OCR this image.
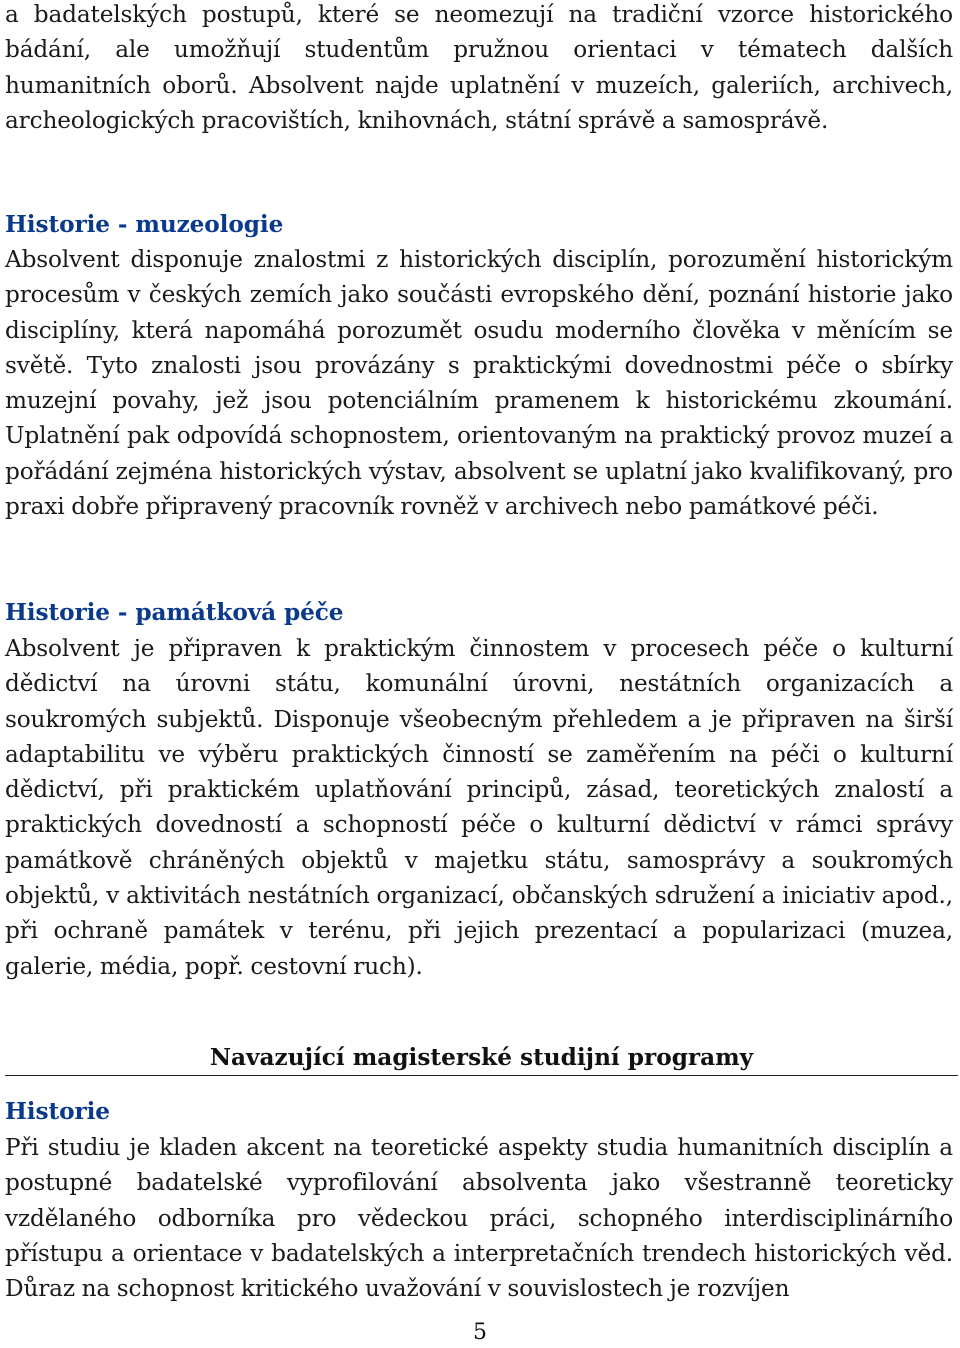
a badatelských postupů, které se neomezují na tradiční vzorce historického bádání, ale umožňují studentům pružnou orientaci v tématech dalších humanitních oborů. Absolvent najde uplatnění v muzeích, galeriích, archivech, archeologických pracovištích, knihovnách, státní správě a samosprávě.

Historie - muzeologie

Absolvent disponuje znalostmi z historických disciplín, porozumění historickým procesům v českých zemích jako součásti evropského dění, poznání historie jako disciplíny, která napomáhá porozumět osudu moderního člověka v měnícím se světě. Tyto znalosti jsou provázány s praktickými dovednostmi péče o sbírky muzejní povahy, jež jsou potenciálním pramenem k historickému zkoumání. Uplatnění pak odpovídá schopnostem, orientovaným na praktický provoz muzeí a pořádání zejména historických výstav, absolvent se uplatní jako kvalifikovaný, pro praxi dobře připravený pracovník rovněž v archivech nebo památkové péči.

Historie - památková péče

Absolvent je připraven k praktickým činnostem v procesech péče o kulturní dědictví na úrovni státu, komunální úrovni, nestátních organizacích a soukromých subjektů. Disponuje všeobecným přehledem a je připraven na širší adaptabilitu ve výběru praktických činností se zaměřením na péči o kulturní dědictví, při praktickém uplatňování principů, zásad, teoretických znalostí a praktických dovedností a schopností péče o kulturní dědictví v rámci správy památkově chráněných objektů v majetku státu, samosprávy a soukromých objektů, v aktivitách nestátních organizací, občanských sdružení a iniciativ apod., při ochraně památek v terénu, při jejich prezentací a popularizaci (muzea, galerie, média, popř. cestovní ruch).

Navazující magisterské studijní programy
Historie

Při studiu je kladen akcent na teoretické aspekty studia humanitních disciplín a postupné badatelské vyprofilování absolventa jako všestranně teoreticky vzdělaného odborníka pro vědeckou práci, schopného interdisciplinárního přístupu a orientace v badatelských a interpretačních trendech historických věd. Důraz na schopnost kritického uvažování v souvislostech je rozvíjen

5
